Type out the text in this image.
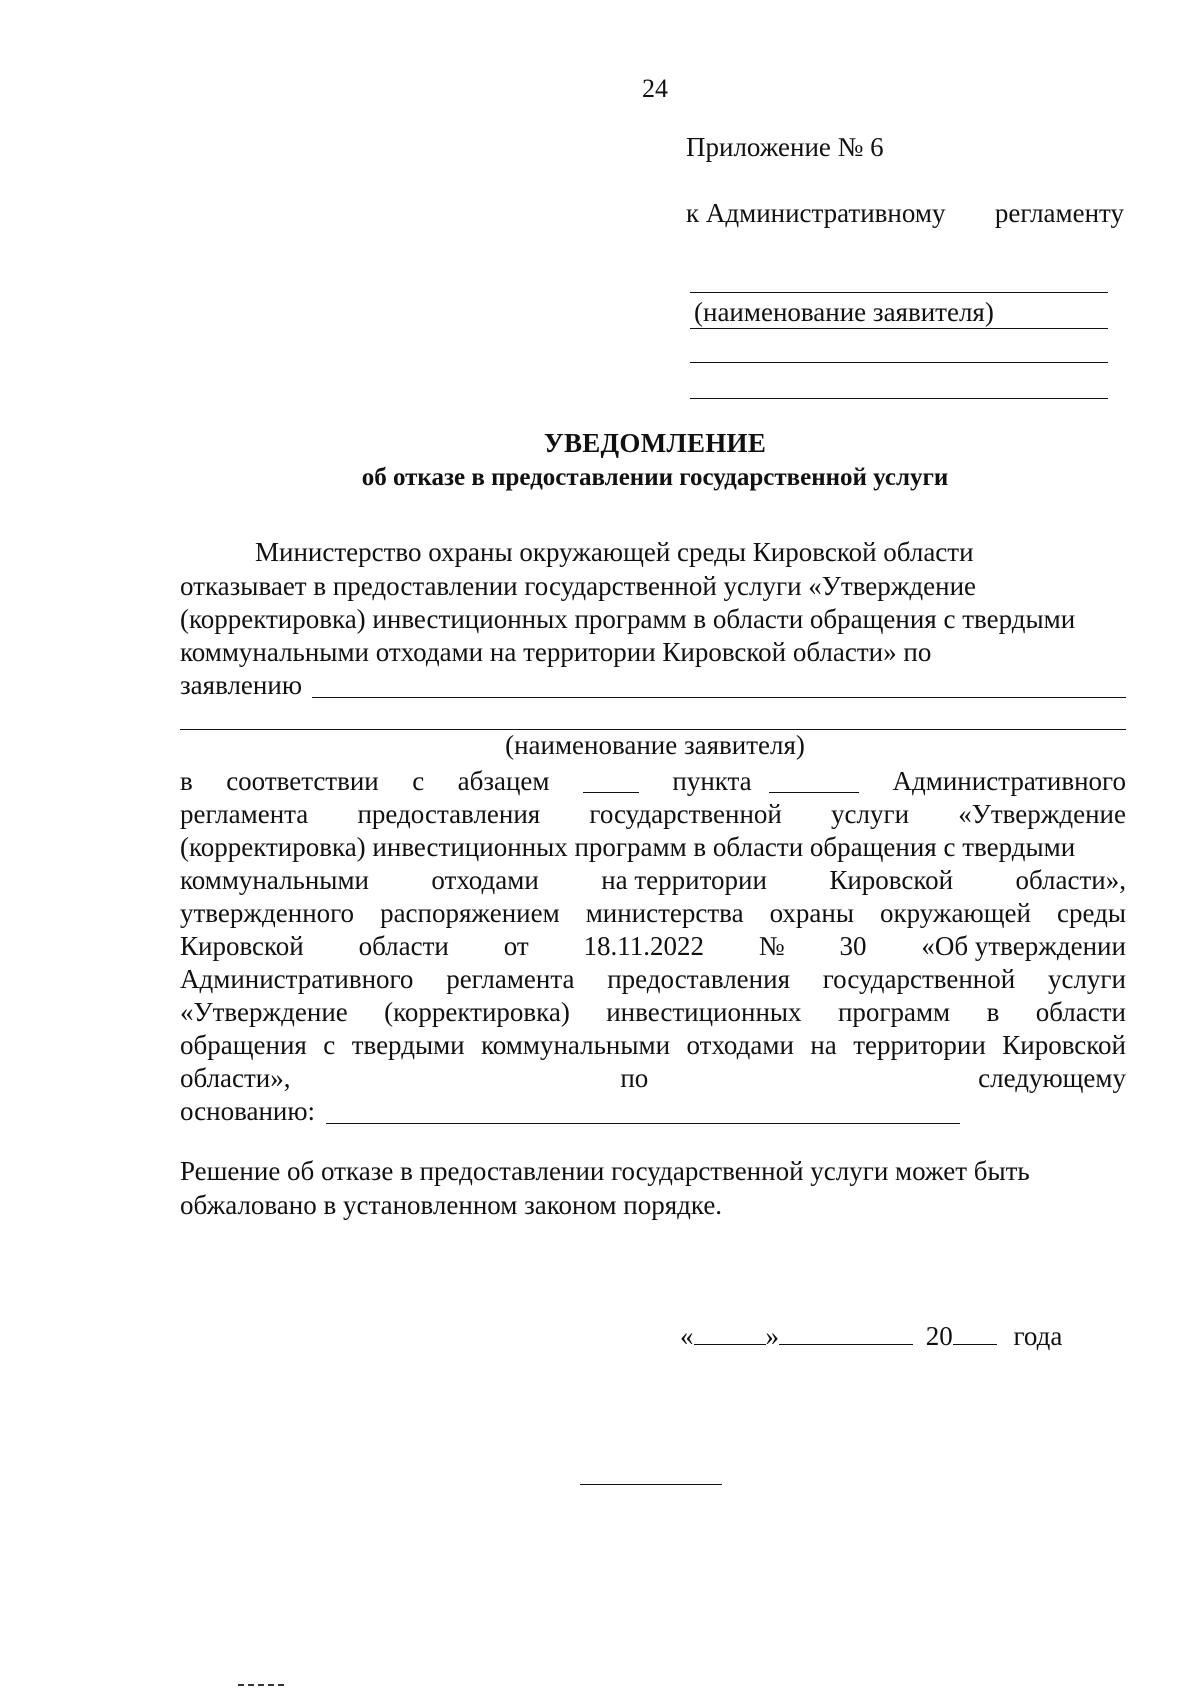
24
Приложение № 6
к Административному регламенту
(наименование заявителя)
УВЕДОМЛЕНИЕ
об отказе в предоставлении государственной услуги
Министерство охраны окружающей среды Кировской области
отказывает в предоставлении государственной услуги «Утверждение
(корректировка) инвестиционных программ в области обращения с твердыми
коммунальными отходами на территории Кировской области» по
заявлению
(наименование заявителя)
в соответствии с абзацем	пункта	Административного
регламента предоставления государственной услуги «Утверждение
(корректировка) инвестиционных программ в области обращения с твердыми
коммунальными отходами на территории Кировской области»,
утвержденного распоряжением министерства охраны окружающей среды
Кировской области от 18.11.2022 № 30 «Об утверждении
Административного регламента предоставления государственной услуги
«Утверждение (корректировка) инвестиционных программ в области
обращения с твердыми коммунальными отходами на территории Кировской
области»,	по	следующему
основанию:
Решение об отказе в предоставлении государственной услуги может быть
обжаловано в установленном законом порядке.
«	»	20 года
